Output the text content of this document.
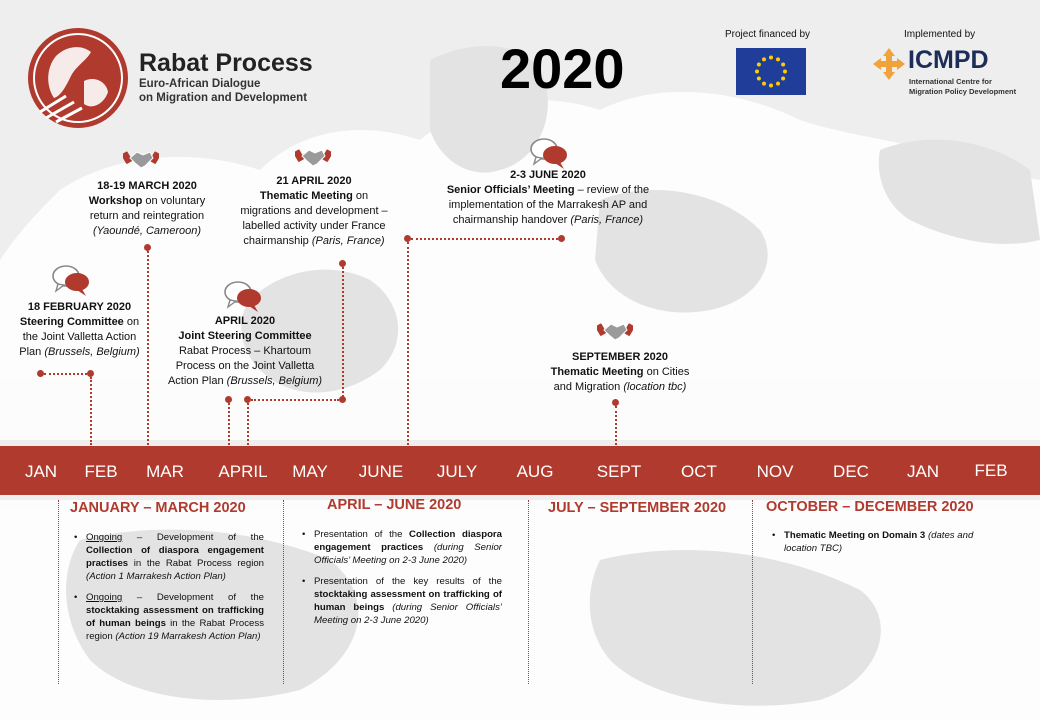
Rabat Process
Euro-African Dialogue
on Migration and Development	2020
Project financed by	Implemented by
ICMPD
International Centre for
Migration Policy Development
18 FEBRUARY 2020
Steering Committee on
the Joint Valletta Action
Plan (Brussels, Belgium)
18-19 MARCH 2020
Workshop on voluntary
return and reintegration
(Yaoundé, Cameroon)
APRIL 2020
Joint Steering Committee
Rabat Process – Khartoum
Process on the Joint Valletta
Action Plan (Brussels, Belgium)
21 APRIL 2020
Thematic Meeting on
migrations and development –
labelled activity under France
chairmanship (Paris, France)
2-3 JUNE 2020
Senior Officials’ Meeting – review of the
implementation of the Marrakesh AP and
chairmanship handover (Paris, France)
SEPTEMBER 2020
Thematic Meeting on Cities
and Migration (location tbc)
JAN	FEB	MAR	APRIL	MAY	JUNE	JULY	AUG	SEPT	OCT	NOV	DEC	JAN	FEB
JANUARY – MARCH 2020
• Ongoing – Development of the Collection of diaspora engagement practises in the Rabat Process region (Action 1 Marrakesh Action Plan)
• Ongoing – Development of the stocktaking assessment on trafficking of human beings in the Rabat Process region (Action 19 Marrakesh Action Plan)
APRIL – JUNE 2020
• Presentation of the Collection diaspora engagement practices (during Senior Officials’ Meeting on 2-3 June 2020)
• Presentation of the key results of the stocktaking assessment on trafficking of human beings (during Senior Officials’ Meeting on 2-3 June 2020)
JULY – SEPTEMBER 2020	OCTOBER – DECEMBER 2020
• Thematic Meeting on Domain 3 (dates and location TBC)
